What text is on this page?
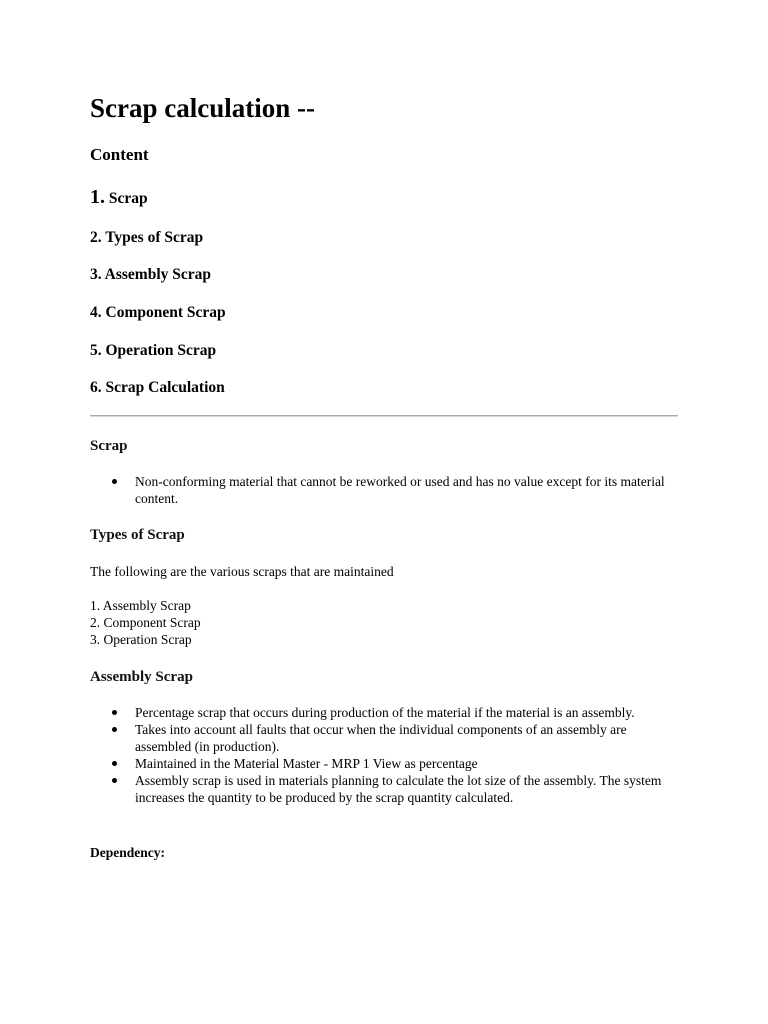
Scrap calculation --
Content

1. Scrap

2. Types of Scrap

3. Assembly Scrap

4. Component Scrap

5. Operation Scrap

6. Scrap Calculation

Scrap
Non-conforming material that cannot be reworked or used and has no value except for its material content.
Types of Scrap

The following are the various scraps that are maintained

1. Assembly Scrap
2. Component Scrap
3. Operation Scrap
Assembly Scrap
Percentage scrap that occurs during production of the material if the material is an assembly.
Takes into account all faults that occur when the individual components of an assembly are assembled (in production).
Maintained in the Material Master - MRP 1 View as percentage
Assembly scrap is used in materials planning to calculate the lot size of the assembly. The system increases the quantity to be produced by the scrap quantity calculated.

Dependency:
